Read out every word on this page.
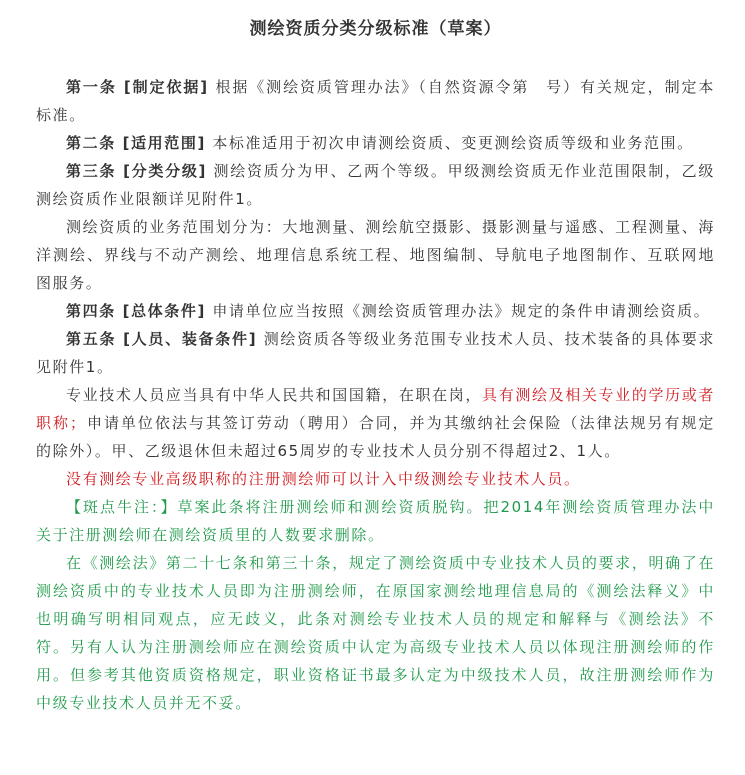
测绘资质分类分级标准（草案）

第一条 [制定依据] 根据《测绘资质管理办法》（自然资源令第　号）有关规定，制定本标准。

第二条 [适用范围] 本标准适用于初次申请测绘资质、变更测绘资质等级和业务范围。

第三条 [分类分级] 测绘资质分为甲、乙两个等级。甲级测绘资质无作业范围限制，乙级测绘资质作业限额详见附件1。

测绘资质的业务范围划分为：大地测量、测绘航空摄影、摄影测量与遥感、工程测量、海洋测绘、界线与不动产测绘、地理信息系统工程、地图编制、导航电子地图制作、互联网地图服务。

第四条 [总体条件] 申请单位应当按照《测绘资质管理办法》规定的条件申请测绘资质。

第五条 [人员、装备条件] 测绘资质各等级业务范围专业技术人员、技术装备的具体要求见附件1。

专业技术人员应当具有中华人民共和国国籍，在职在岗，具有测绘及相关专业的学历或者职称；申请单位依法与其签订劳动（聘用）合同，并为其缴纳社会保险（法律法规另有规定的除外）。甲、乙级退休但未超过65周岁的专业技术人员分别不得超过2、1人。

没有测绘专业高级职称的注册测绘师可以计入中级测绘专业技术人员。

【斑点牛注：】草案此条将注册测绘师和测绘资质脱钩。把2014年测绘资质管理办法中关于注册测绘师在测绘资质里的人数要求删除。

在《测绘法》第二十七条和第三十条，规定了测绘资质中专业技术人员的要求，明确了在测绘资质中的专业技术人员即为注册测绘师，在原国家测绘地理信息局的《测绘法释义》中也明确写明相同观点，应无歧义，此条对测绘专业技术人员的规定和解释与《测绘法》不符。另有人认为注册测绘师应在测绘资质中认定为高级专业技术人员以体现注册测绘师的作用。但参考其他资质资格规定，职业资格证书最多认定为中级技术人员，故注册测绘师作为中级专业技术人员并无不妥。
